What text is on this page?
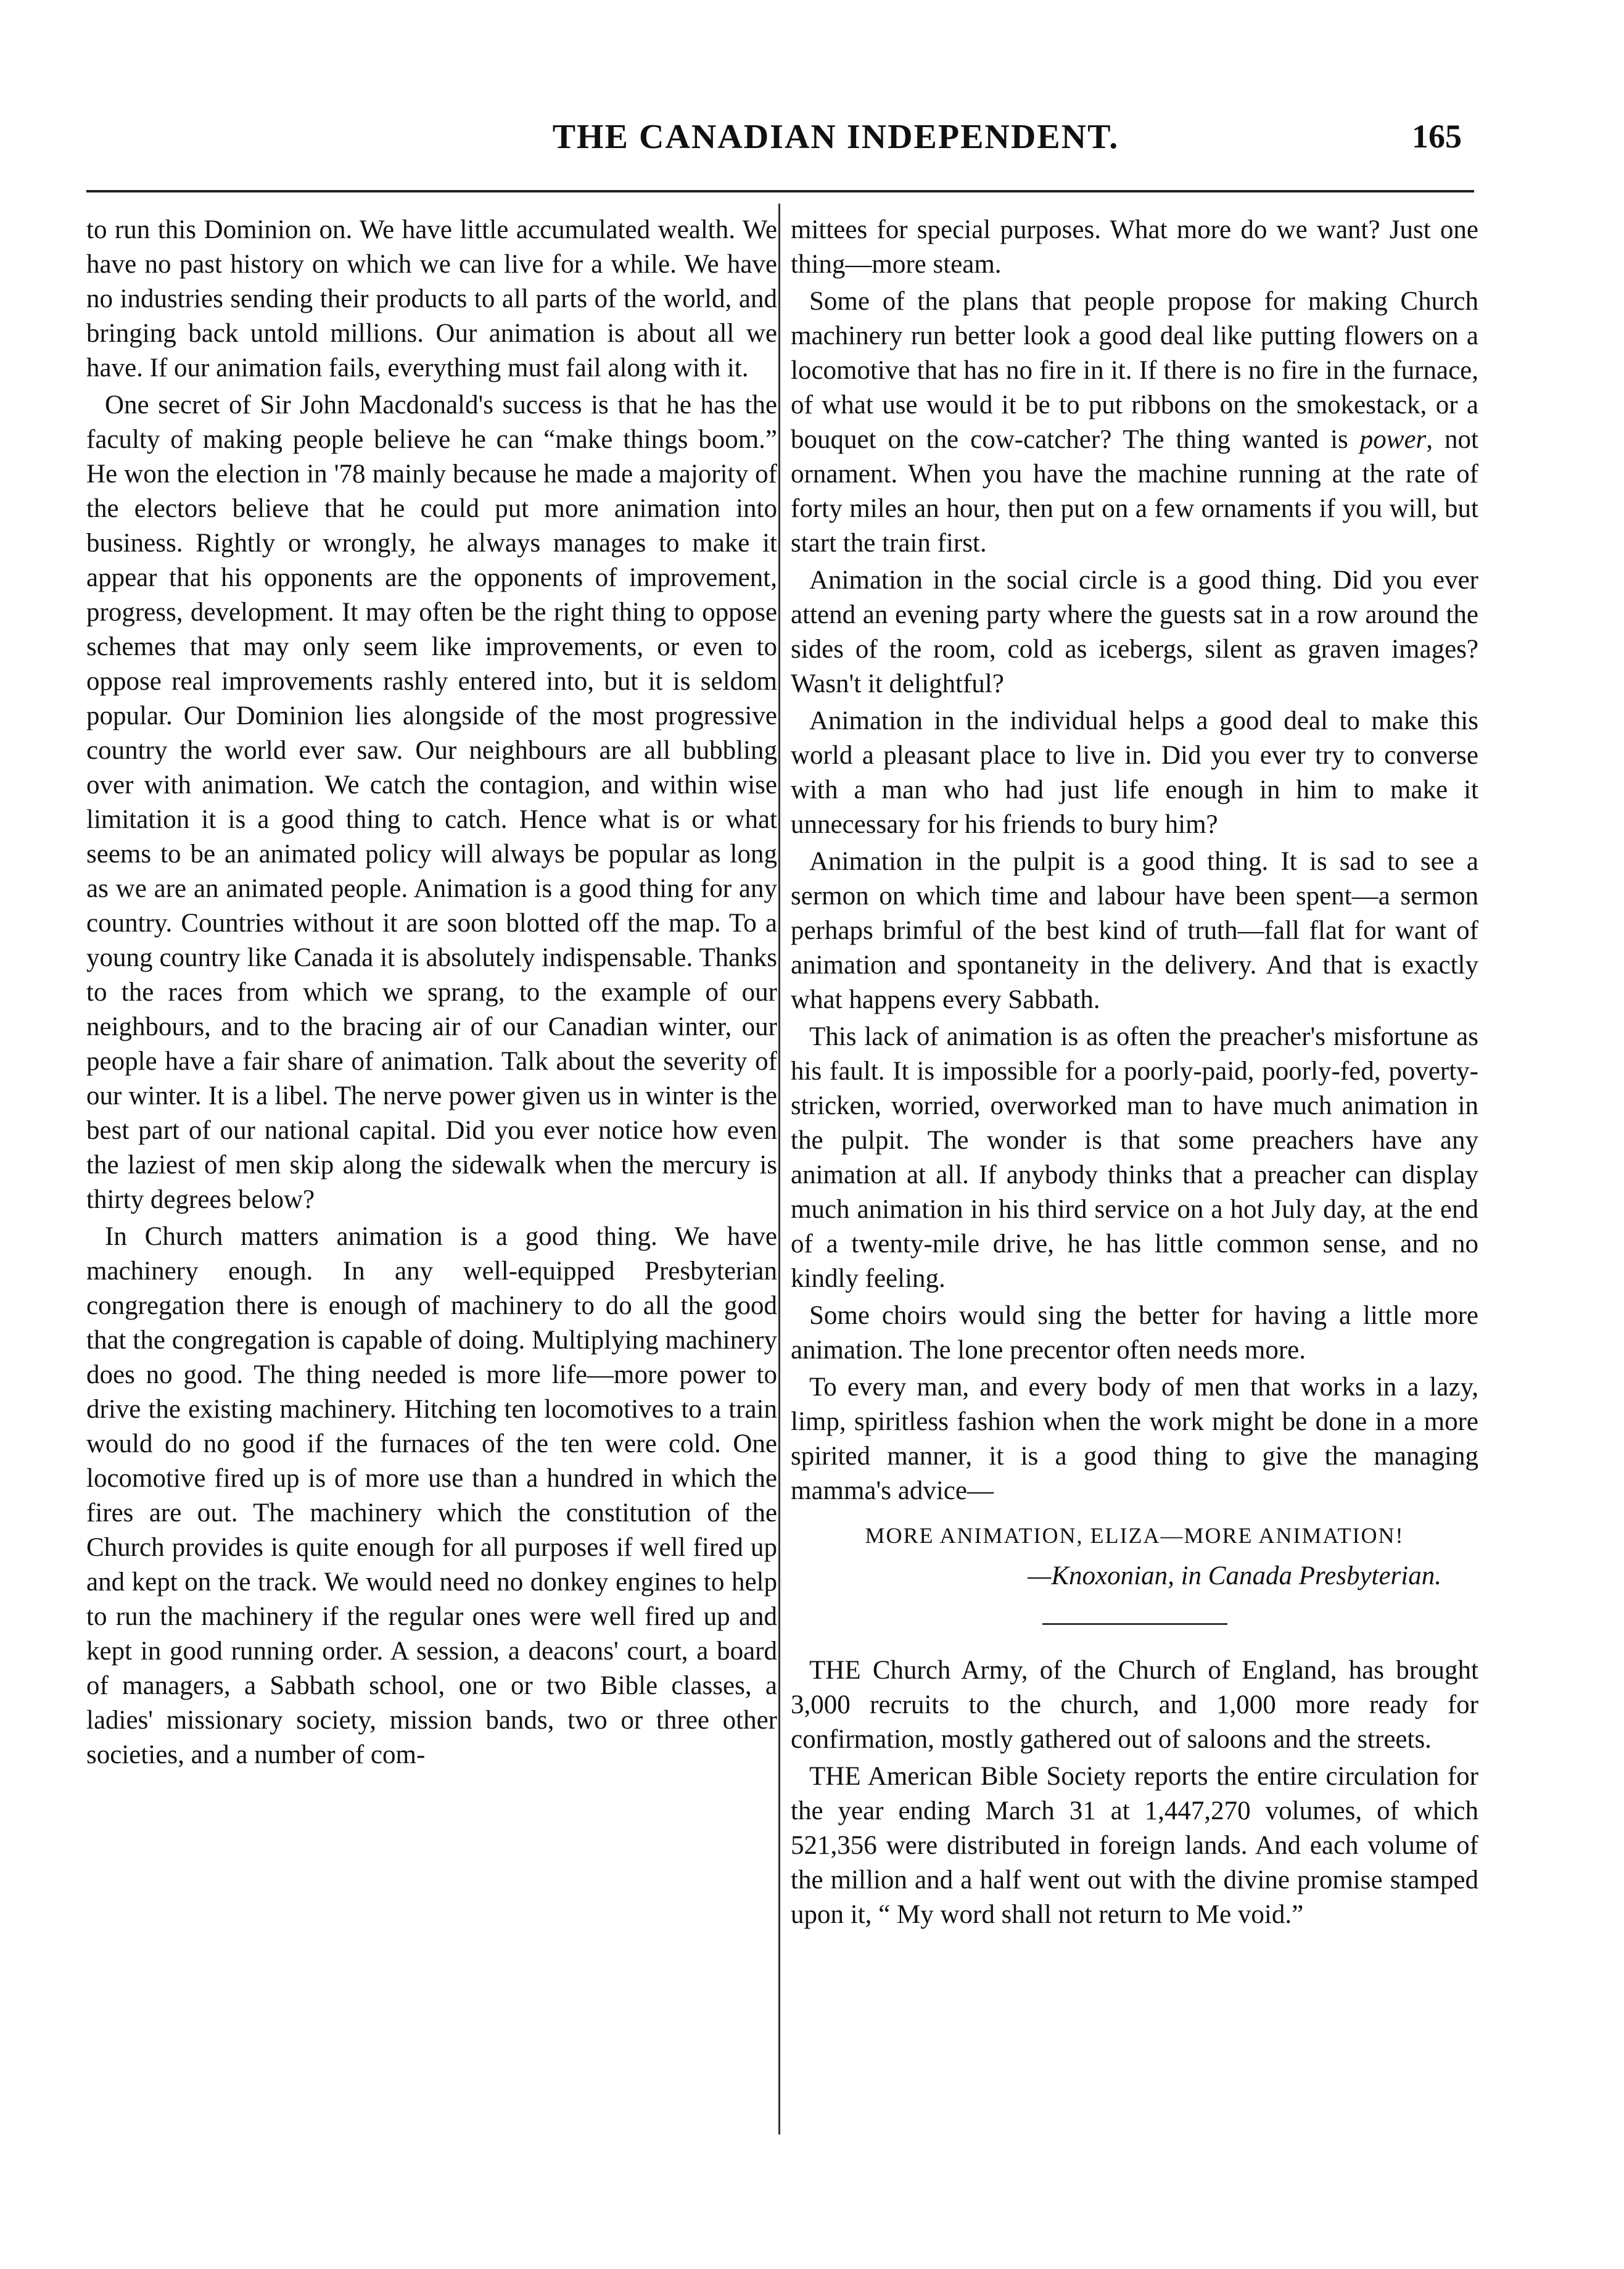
THE CANADIAN INDEPENDENT.	165

to run this Dominion on. We have little accumulated wealth. We have no past history on which we can live for a while. We have no industries sending their products to all parts of the world, and bringing back untold millions. Our animation is about all we have. If our animation fails, everything must fail along with it.

One secret of Sir John Macdonald's success is that he has the faculty of making people believe he can “make things boom.” He won the election in '78 mainly because he made a majority of the electors believe that he could put more animation into business. Rightly or wrongly, he always manages to make it appear that his opponents are the opponents of improvement, progress, development. It may often be the right thing to oppose schemes that may only seem like improvements, or even to oppose real improvements rashly entered into, but it is seldom popular. Our Dominion lies alongside of the most progressive country the world ever saw. Our neighbours are all bubbling over with animation. We catch the contagion, and within wise limitation it is a good thing to catch. Hence what is or what seems to be an animated policy will always be popular as long as we are an animated people. Animation is a good thing for any country. Countries without it are soon blotted off the map. To a young country like Canada it is absolutely indispensable. Thanks to the races from which we sprang, to the example of our neighbours, and to the bracing air of our Canadian winter, our people have a fair share of animation. Talk about the severity of our winter. It is a libel. The nerve power given us in winter is the best part of our national capital. Did you ever notice how even the laziest of men skip along the sidewalk when the mercury is thirty degrees below?

In Church matters animation is a good thing. We have machinery enough. In any well-equipped Presbyterian congregation there is enough of machinery to do all the good that the congregation is capable of doing. Multiplying machinery does no good. The thing needed is more life—more power to drive the existing machinery. Hitching ten locomotives to a train would do no good if the furnaces of the ten were cold. One locomotive fired up is of more use than a hundred in which the fires are out. The machinery which the constitution of the Church provides is quite enough for all purposes if well fired up and kept on the track. We would need no donkey engines to help to run the machinery if the regular ones were well fired up and kept in good running order. A session, a deacons' court, a board of managers, a Sabbath school, one or two Bible classes, a ladies' missionary society, mission bands, two or three other societies, and a number of com-

mittees for special purposes. What more do we want? Just one thing—more steam.

Some of the plans that people propose for making Church machinery run better look a good deal like putting flowers on a locomotive that has no fire in it. If there is no fire in the furnace, of what use would it be to put ribbons on the smokestack, or a bouquet on the cow-catcher? The thing wanted is power, not ornament. When you have the machine running at the rate of forty miles an hour, then put on a few ornaments if you will, but start the train first.

Animation in the social circle is a good thing. Did you ever attend an evening party where the guests sat in a row around the sides of the room, cold as icebergs, silent as graven images? Wasn't it delightful?

Animation in the individual helps a good deal to make this world a pleasant place to live in. Did you ever try to converse with a man who had just life enough in him to make it unnecessary for his friends to bury him?

Animation in the pulpit is a good thing. It is sad to see a sermon on which time and labour have been spent—a sermon perhaps brimful of the best kind of truth—fall flat for want of animation and spontaneity in the delivery. And that is exactly what happens every Sabbath.

This lack of animation is as often the preacher's misfortune as his fault. It is impossible for a poorly-paid, poorly-fed, poverty-stricken, worried, overworked man to have much animation in the pulpit. The wonder is that some preachers have any animation at all. If anybody thinks that a preacher can display much animation in his third service on a hot July day, at the end of a twenty-mile drive, he has little common sense, and no kindly feeling.

Some choirs would sing the better for having a little more animation. The lone precentor often needs more.

To every man, and every body of men that works in a lazy, limp, spiritless fashion when the work might be done in a more spirited manner, it is a good thing to give the managing mamma's advice—

MORE ANIMATION, ELIZA—MORE ANIMATION!

—Knoxonian, in Canada Presbyterian.

THE Church Army, of the Church of England, has brought 3,000 recruits to the church, and 1,000 more ready for confirmation, mostly gathered out of saloons and the streets.

THE American Bible Society reports the entire circulation for the year ending March 31 at 1,447,270 volumes, of which 521,356 were distributed in foreign lands. And each volume of the million and a half went out with the divine promise stamped upon it, “ My word shall not return to Me void.”
